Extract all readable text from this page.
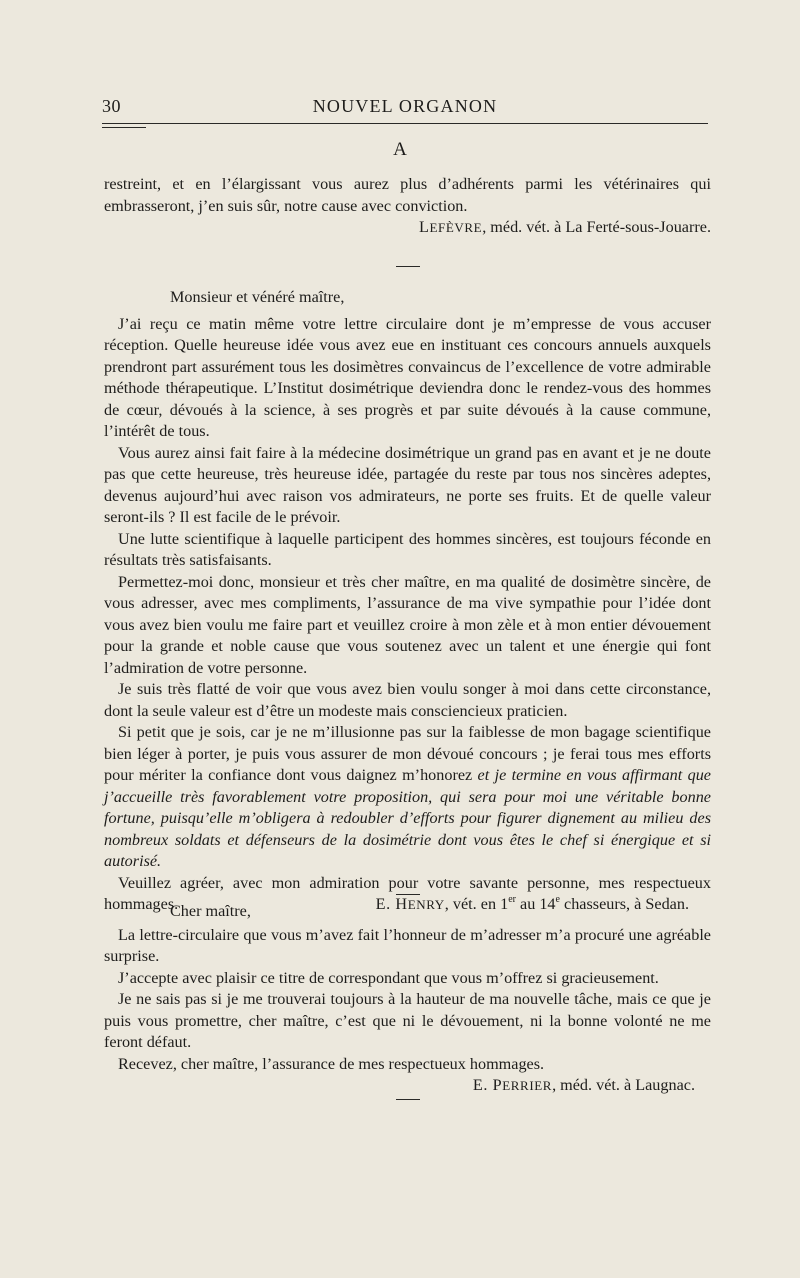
30	NOUVEL ORGANON
A

restreint, et en l’élargissant vous aurez plus d’adhérents parmi les vétérinaires qui embrasseront, j’en suis sûr, notre cause avec conviction.

LEFÈVRE, méd. vét. à La Ferté-sous-Jouarre.

Monsieur et vénéré maître,

J’ai reçu ce matin même votre lettre circulaire dont je m’empresse de vous accuser réception. Quelle heureuse idée vous avez eue en instituant ces concours annuels auxquels prendront part assurément tous les dosimètres convaincus de l’excellence de votre admirable méthode thérapeutique. L’Institut dosimétrique deviendra donc le rendez-vous des hommes de cœur, dévoués à la science, à ses progrès et par suite dévoués à la cause commune, l’intérêt de tous.

Vous aurez ainsi fait faire à la médecine dosimétrique un grand pas en avant et je ne doute pas que cette heureuse, très heureuse idée, partagée du reste par tous nos sincères adeptes, devenus aujourd’hui avec raison vos admirateurs, ne porte ses fruits. Et de quelle valeur seront-ils ? Il est facile de le prévoir.

Une lutte scientifique à laquelle participent des hommes sincères, est toujours féconde en résultats très satisfaisants.

Permettez-moi donc, monsieur et très cher maître, en ma qualité de dosimètre sincère, de vous adresser, avec mes compliments, l’assurance de ma vive sympathie pour l’idée dont vous avez bien voulu me faire part et veuillez croire à mon zèle et à mon entier dévouement pour la grande et noble cause que vous soutenez avec un talent et une énergie qui font l’admiration de votre personne.

Je suis très flatté de voir que vous avez bien voulu songer à moi dans cette circonstance, dont la seule valeur est d’être un modeste mais consciencieux praticien.

Si petit que je sois, car je ne m’illusionne pas sur la faiblesse de mon bagage scientifique bien léger à porter, je puis vous assurer de mon dévoué concours ; je ferai tous mes efforts pour mériter la confiance dont vous daignez m’honorez et je termine en vous affirmant que j’accueille très favorablement votre proposition, qui sera pour moi une véritable bonne fortune, puisqu’elle m’obligera à redoubler d’efforts pour figurer dignement au milieu des nombreux soldats et défenseurs de la dosimétrie dont vous êtes le chef si énergique et si autorisé.

Veuillez agréer, avec mon admiration pour votre savante personne, mes respectueux hommages.	E. HENRY, vét. en 1er au 14e chasseurs, à Sedan.

Cher maître,

La lettre-circulaire que vous m’avez fait l’honneur de m’adresser m’a procuré une agréable surprise.

J’accepte avec plaisir ce titre de correspondant que vous m’offrez si gracieusement.

Je ne sais pas si je me trouverai toujours à la hauteur de ma nouvelle tâche, mais ce que je puis vous promettre, cher maître, c’est que ni le dévouement, ni la bonne volonté ne me feront défaut.

Recevez, cher maître, l’assurance de mes respectueux hommages.

E. PERRIER, méd. vét. à Laugnac.
